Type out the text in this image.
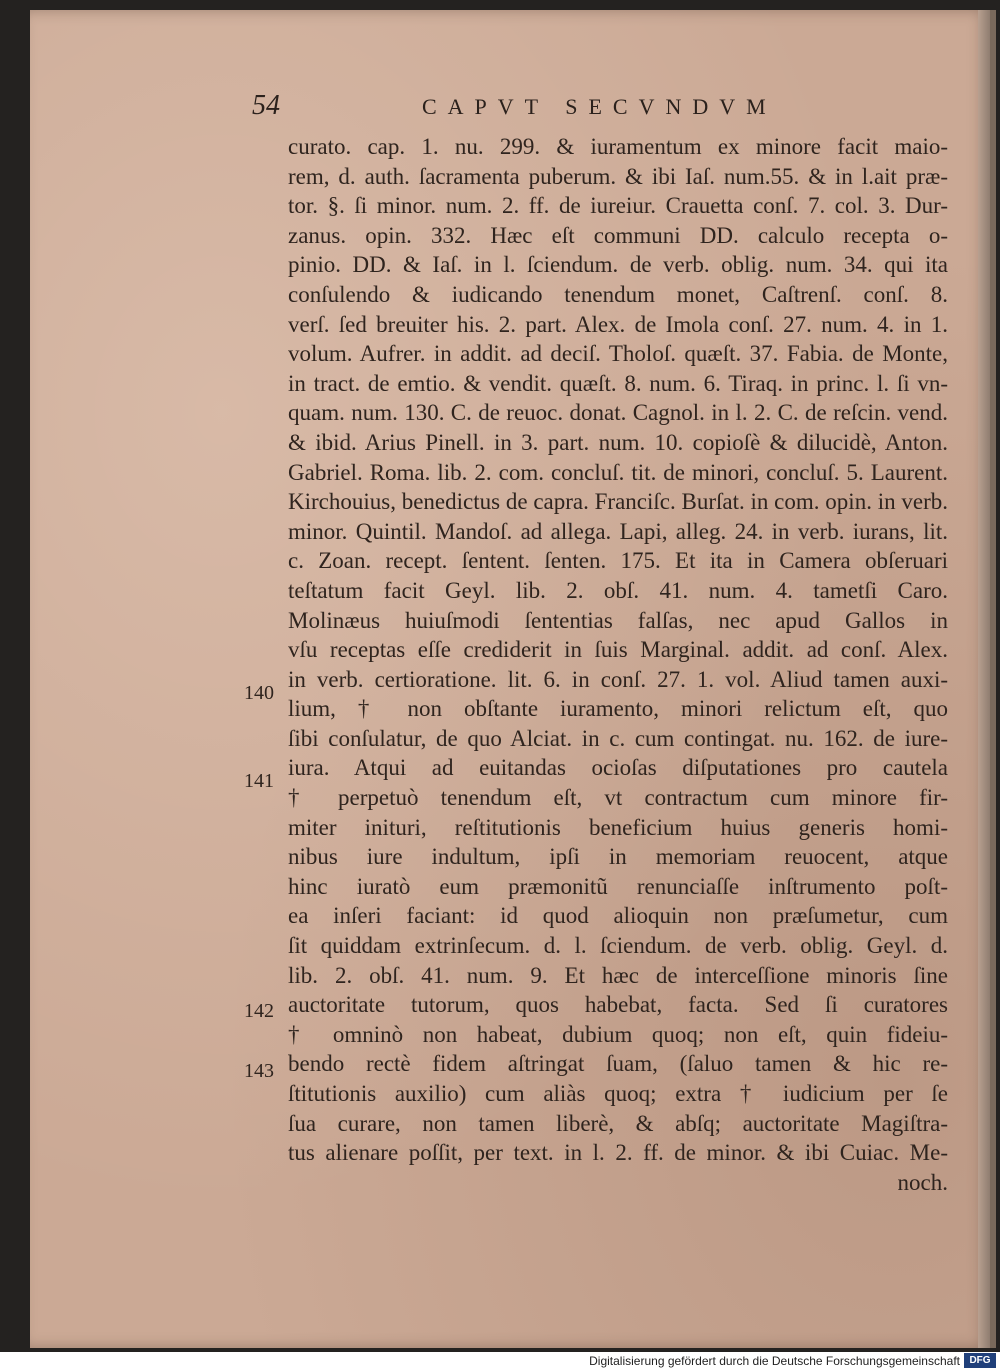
54	CAPVT SECVNDVM
curato. cap. 1. nu. 299. & iuramentum ex minore facit maio-
rem, d. auth. ſacramenta puberum. & ibi Iaſ. num.55. & in l.ait præ-
tor. §. ſi minor. num. 2. ff. de iureiur. Crauetta conſ. 7. col. 3. Dur-
zanus. opin. 332. Hæc eſt communi DD. calculo recepta o-
pinio. DD. & Iaſ. in l. ſciendum. de verb. oblig. num. 34. qui ita
conſulendo & iudicando tenendum monet, Caſtrenſ. conſ. 8.
verſ. ſed breuiter his. 2. part. Alex. de Imola conſ. 27. num. 4. in 1.
volum. Aufrer. in addit. ad deciſ. Tholoſ. quæſt. 37. Fabia. de Monte,
in tract. de emtio. & vendit. quæſt. 8. num. 6. Tiraq. in princ. l. ſi vn-
quam. num. 130. C. de reuoc. donat. Cagnol. in l. 2. C. de reſcin. vend.
& ibid. Arius Pinell. in 3. part. num. 10. copioſè & dilucidè, Anton.
Gabriel. Roma. lib. 2. com. concluſ. tit. de minori, concluſ. 5. Laurent.
Kirchouius, benedictus de capra. Franciſc. Burſat. in com. opin. in verb.
minor. Quintil. Mandoſ. ad allega. Lapi, alleg. 24. in verb. iurans, lit.
c. Zoan. recept. ſentent. ſenten. 175. Et ita in Camera obſeruari
teſtatum facit Geyl. lib. 2. obſ. 41. num. 4. tametſi Caro.
Molinæus huiuſmodi ſententias falſas, nec apud Gallos in
vſu receptas eſſe crediderit in ſuis Marginal. addit. ad conſ. Alex.
in verb. certioratione. lit. 6. in conſ. 27. 1. vol. Aliud tamen auxi-
lium, † non obſtante iuramento, minori relictum eſt, quo
ſibi conſulatur, de quo Alciat. in c. cum contingat. nu. 162. de iure-
iura. Atqui ad euitandas ocioſas diſputationes pro cautela
† perpetuò tenendum eſt, vt contractum cum minore fir-
miter inituri, reſtitutionis beneficium huius generis homi-
nibus iure indultum, ipſi in memoriam reuocent, atque
hinc iuratò eum præmonitũ renunciaſſe inſtrumento poſt-
ea inſeri faciant: id quod alioquin non præſumetur, cum
ſit quiddam extrinſecum. d. l. ſciendum. de verb. oblig. Geyl. d.
lib. 2. obſ. 41. num. 9. Et hæc de interceſſione minoris ſine
auctoritate tutorum, quos habebat, facta. Sed ſi curatores
† omninò non habeat, dubium quoq; non eſt, quin fideiu-
bendo rectè fidem aſtringat ſuam, (ſaluo tamen & hic re-
ſtitutionis auxilio) cum aliàs quoq; extra † iudicium per ſe
ſua curare, non tamen liberè, & abſq; auctoritate Magiſtra-
tus alienare poſſit, per text. in l. 2. ff. de minor. & ibi Cuiac. Me-
noch.
140
141
142
143
Digitalisierung gefördert durch die Deutsche Forschungsgemeinschaft DFG
